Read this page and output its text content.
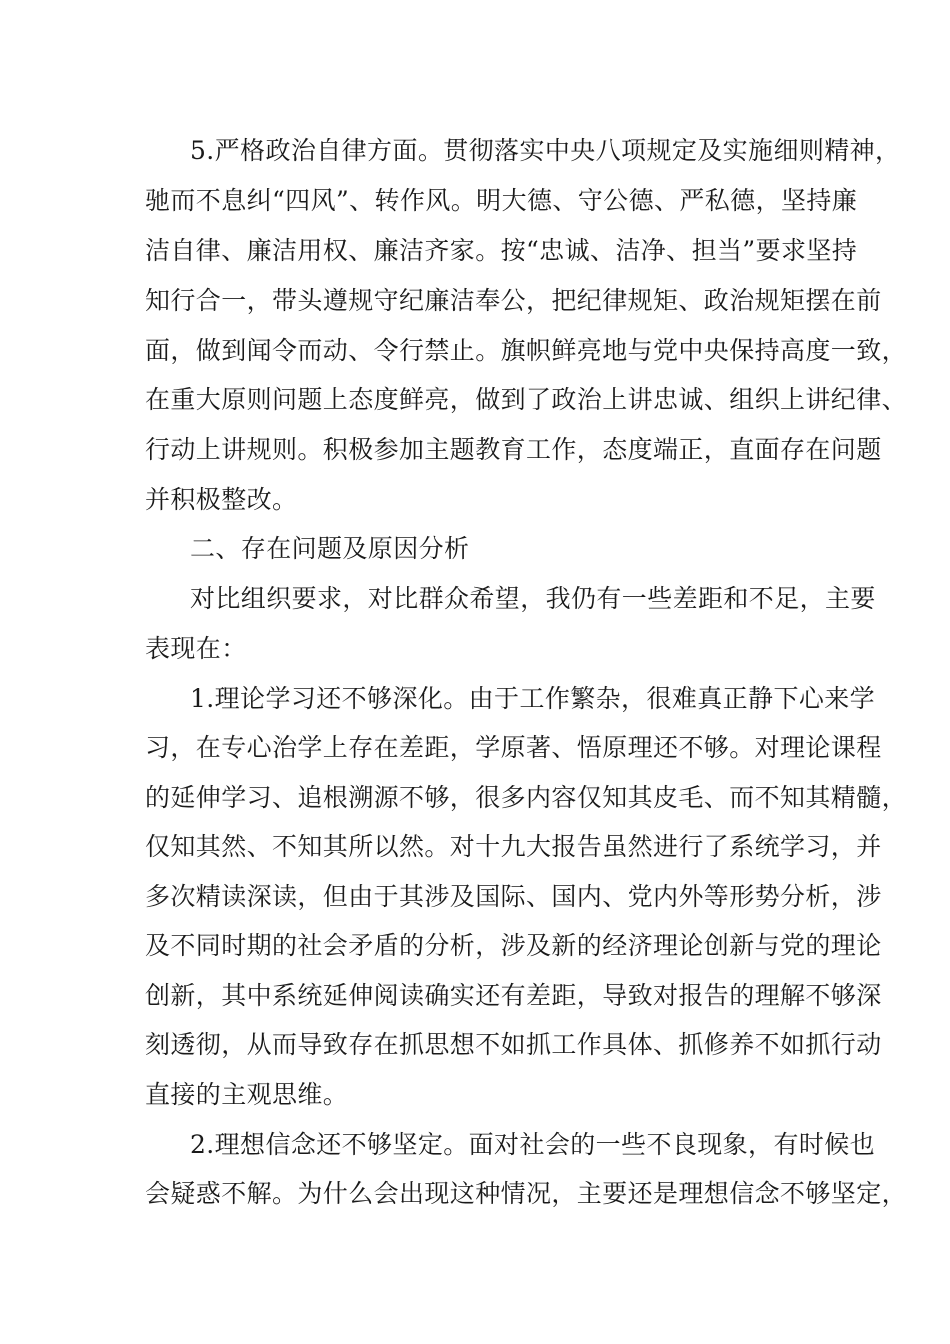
5.严格政治自律方面。贯彻落实中央八项规定及实施细则精神，
驰而不息纠“四风”、转作风。明大德、守公德、严私德，坚持廉
洁自律、廉洁用权、廉洁齐家。按“忠诚、洁净、担当”要求坚持
知行合一，带头遵规守纪廉洁奉公，把纪律规矩、政治规矩摆在前
面，做到闻令而动、令行禁止。旗帜鲜亮地与党中央保持高度一致，
在重大原则问题上态度鲜亮，做到了政治上讲忠诚、组织上讲纪律、
行动上讲规则。积极参加主题教育工作，态度端正，直面存在问题
并积极整改。
二、存在问题及原因分析
对比组织要求，对比群众希望，我仍有一些差距和不足，主要
表现在：
1.理论学习还不够深化。由于工作繁杂，很难真正静下心来学
习，在专心治学上存在差距，学原著、悟原理还不够。对理论课程
的延伸学习、追根溯源不够，很多内容仅知其皮毛、而不知其精髓，
仅知其然、不知其所以然。对十九大报告虽然进行了系统学习，并
多次精读深读，但由于其涉及国际、国内、党内外等形势分析，涉
及不同时期的社会矛盾的分析，涉及新的经济理论创新与党的理论
创新，其中系统延伸阅读确实还有差距，导致对报告的理解不够深
刻透彻，从而导致存在抓思想不如抓工作具体、抓修养不如抓行动
直接的主观思维。
2.理想信念还不够坚定。面对社会的一些不良现象，有时候也
会疑惑不解。为什么会出现这种情况，主要还是理想信念不够坚定，
